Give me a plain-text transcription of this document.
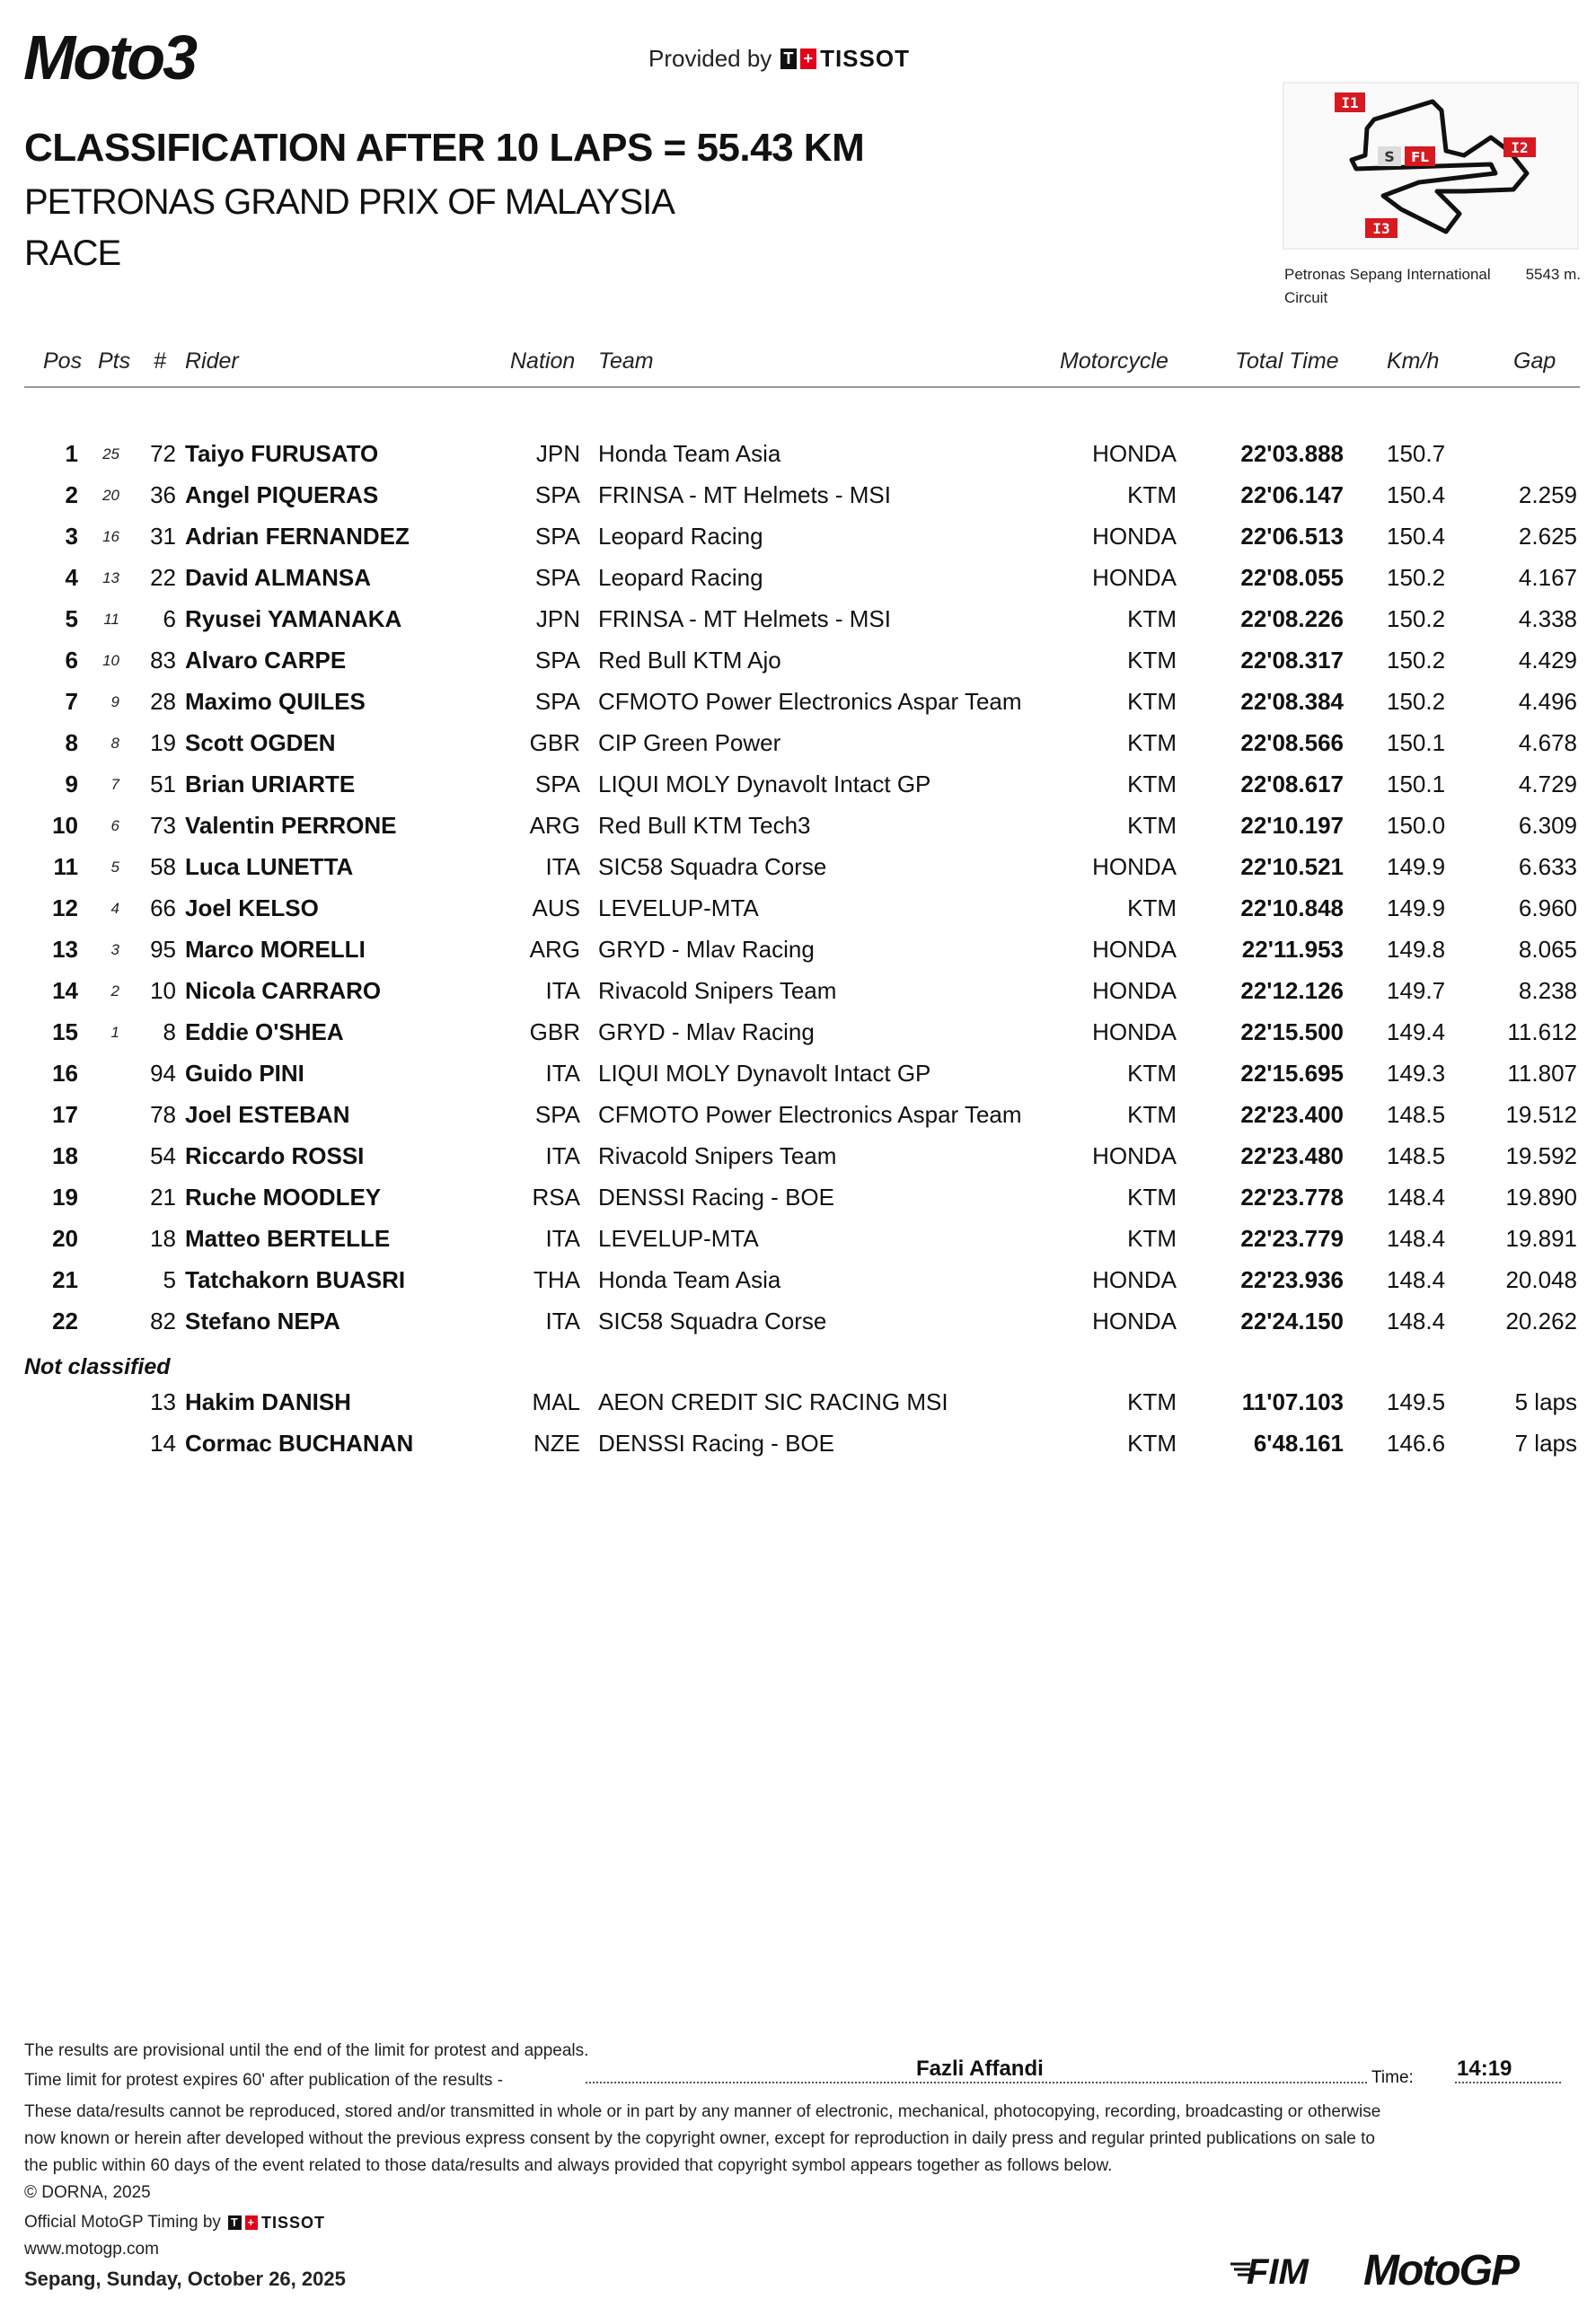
Moto3	Provided by T + TISSOT
CLASSIFICATION AFTER 10 LAPS = 55.43 KM
PETRONAS GRAND PRIX OF MALAYSIA
RACE
I1
I2
I3
S FL
Petronas Sepang International
Circuit
5543 m.
Pos Pts # Rider	Nation Team	Motorcycle	Total Time Km/h	Gap
1 25 72 Taiyo FURUSATO	JPN Honda Team Asia	HONDA	22'03.888 150.7
2 20 36 Angel PIQUERAS	SPA FRINSA - MT Helmets - MSI	KTM	22'06.147 150.4	2.259
3 16 31 Adrian FERNANDEZ	SPA Leopard Racing	HONDA	22'06.513 150.4	2.625
4 13 22 David ALMANSA	SPA Leopard Racing	HONDA	22'08.055 150.2	4.167
5 11 6 Ryusei YAMANAKA	JPN FRINSA - MT Helmets - MSI	KTM	22'08.226 150.2	4.338
6 10 83 Alvaro CARPE	SPA Red Bull KTM Ajo	KTM	22'08.317 150.2	4.429
7 9 28 Maximo QUILES	SPA CFMOTO Power Electronics Aspar Team	KTM	22'08.384 150.2	4.496
8 8 19 Scott OGDEN	GBR CIP Green Power	KTM	22'08.566 150.1	4.678
9 7 51 Brian URIARTE	SPA LIQUI MOLY Dynavolt Intact GP	KTM	22'08.617 150.1	4.729
10 6 73 Valentin PERRONE	ARG Red Bull KTM Tech3	KTM	22'10.197 150.0	6.309
11 5 58 Luca LUNETTA	ITA SIC58 Squadra Corse	HONDA	22'10.521 149.9	6.633
12 4 66 Joel KELSO	AUS LEVELUP-MTA	KTM	22'10.848 149.9	6.960
13 3 95 Marco MORELLI	ARG GRYD - Mlav Racing	HONDA	22'11.953 149.8	8.065
14 2 10 Nicola CARRARO	ITA Rivacold Snipers Team	HONDA	22'12.126 149.7	8.238
15 1 8 Eddie O'SHEA	GBR GRYD - Mlav Racing	HONDA	22'15.500 149.4	11.612
16	94 Guido PINI	ITA LIQUI MOLY Dynavolt Intact GP	KTM	22'15.695 149.3	11.807
17	78 Joel ESTEBAN	SPA CFMOTO Power Electronics Aspar Team	KTM	22'23.400 148.5	19.512
18	54 Riccardo ROSSI	ITA Rivacold Snipers Team	HONDA	22'23.480 148.5	19.592
19	21 Ruche MOODLEY	RSA DENSSI Racing - BOE	KTM	22'23.778 148.4	19.890
20	18 Matteo BERTELLE	ITA LEVELUP-MTA	KTM	22'23.779 148.4	19.891
21	5 Tatchakorn BUASRI	THA Honda Team Asia	HONDA	22'23.936 148.4	20.048
22	82 Stefano NEPA	ITA SIC58 Squadra Corse	HONDA	22'24.150 148.4	20.262
Not classified
13 Hakim DANISH	MAL AEON CREDIT SIC RACING MSI	KTM	11'07.103 149.5	5 laps
14 Cormac BUCHANAN	NZE DENSSI Racing - BOE	KTM	6'48.161 146.6	7 laps
The results are provisional until the end of the limit for protest and appeals.
Time limit for protest expires 60' after publication of the results -	Fazli Affandi	Time: 14:19
These data/results cannot be reproduced, stored and/or transmitted in whole or in part by any manner of electronic, mechanical, photocopying, recording, broadcasting or otherwise
now known or herein after developed without the previous express consent by the copyright owner, except for reproduction in daily press and regular printed publications on sale to
the public within 60 days of the event related to those data/results and always provided that copyright symbol appears together as follows below.
© DORNA, 2025
Official MotoGP Timing by T + TISSOT
www.motogp.com
Sepang, Sunday, October 26, 2025	FIM MotoGP
